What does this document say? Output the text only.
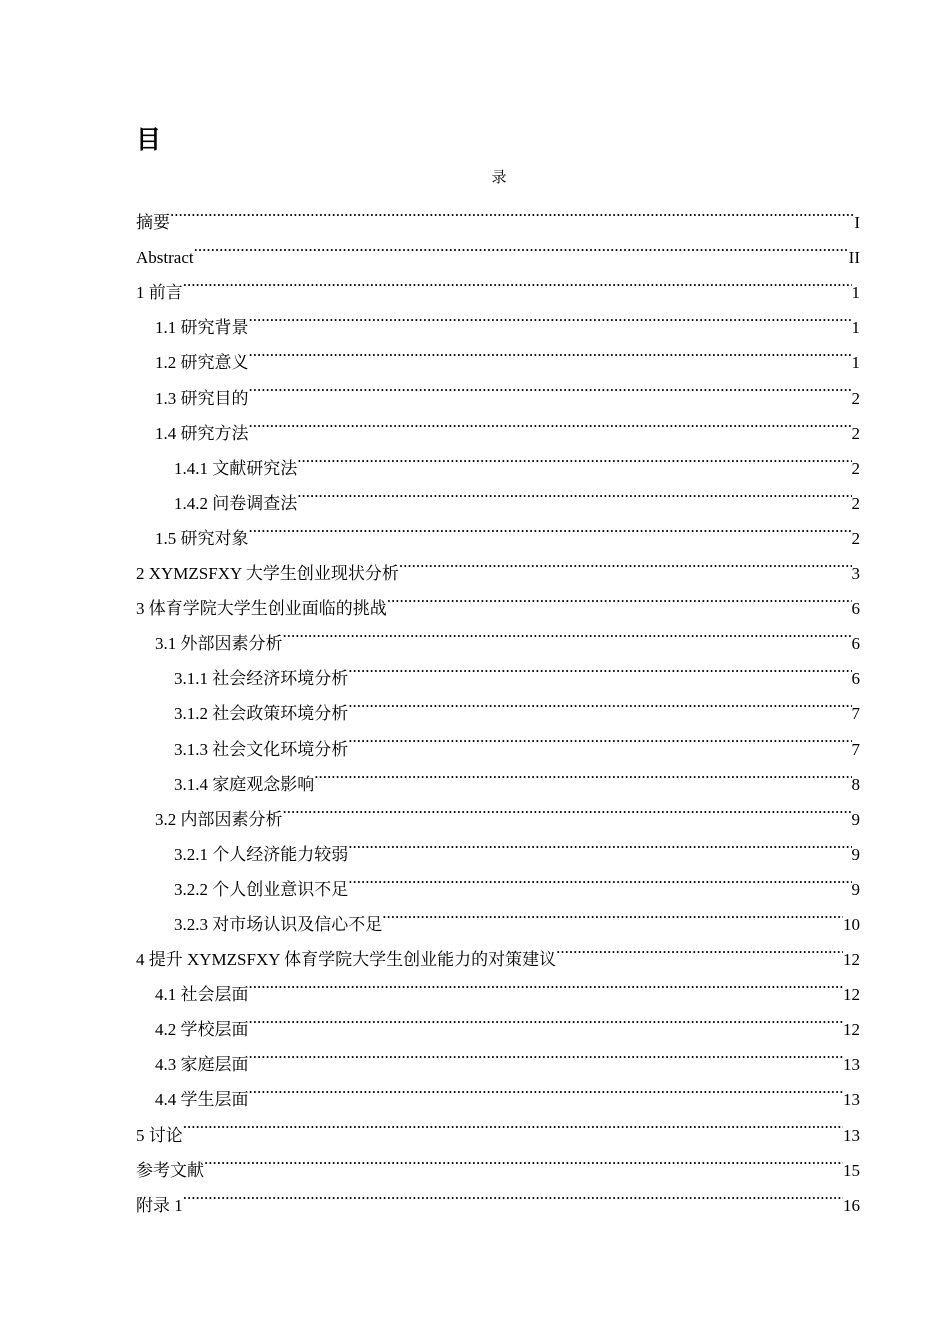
目
录
摘要 .....	I
Abstract .....	II
1 前言 .....	1
1.1 研究背景 .....	1
1.2 研究意义 .....	1
1.3 研究目的 .....	2
1.4 研究方法 .....	2
1.4.1 文献研究法 .....	2
1.4.2 问卷调查法 .....	2
1.5 研究对象 .....	2
2 XYMZSFXY 大学生创业现状分析 .....	3
3 体育学院大学生创业面临的挑战 .....	6
3.1 外部因素分析 .....	6
3.1.1 社会经济环境分析 .....	6
3.1.2 社会政策环境分析 .....	7
3.1.3 社会文化环境分析 .....	7
3.1.4 家庭观念影响 .....	8
3.2 内部因素分析 .....	9
3.2.1 个人经济能力较弱 .....	9
3.2.2 个人创业意识不足 .....	9
3.2.3 对市场认识及信心不足 .....	10
4 提升 XYMZSFXY 体育学院大学生创业能力的对策建议 .....	12
4.1 社会层面 .....	12
4.2 学校层面 .....	12
4.3 家庭层面 .....	13
4.4 学生层面 .....	13
5 讨论 .....	13
参考文献 .....	15
附录 1 .....	16
